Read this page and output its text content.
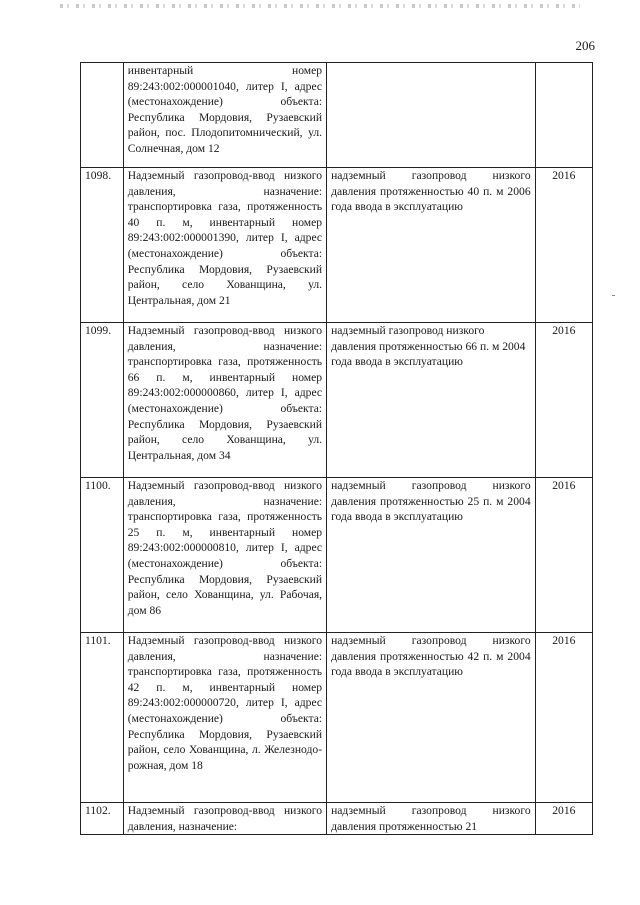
206
	инвентарный номер 89:243:002:000001040, литер I, адрес (местонахождение) объекта: Республика Мордовия, Рузаевский район, пос. Плодопитомнический, ул. Солнечная, дом 12		
1098.	Надземный газопровод-ввод низкого давления, назначение: транспортировка газа, протяженность 40 п. м, инвентарный номер 89:243:002:000001390, литер I, адрес (местонахождение) объекта: Республика Мордовия, Рузаевский район, село Хованщина, ул. Центральная, дом 21	надземный газопровод низкого давления протяженностью 40 п. м 2006 года ввода в эксплуатацию	2016
1099.	Надземный газопровод-ввод низкого давления, назначение: транспортировка газа, протяженность 66 п. м, инвентарный номер 89:243:002:000000860, литер I, адрес (местонахождение) объекта: Республика Мордовия, Рузаевский район, село Хованщина, ул. Центральная, дом 34	надземный газопровод низкого давления протяженностью 66 п. м 2004 года ввода в эксплуатацию	2016
1100.	Надземный газопровод-ввод низкого давления, назначение: транспортировка газа, протяженность 25 п. м, инвентарный номер 89:243:002:000000810, литер I, адрес (местонахождение) объекта: Республика Мордовия, Рузаевский район, село Хованщина, ул. Рабочая, дом 86	надземный газопровод низкого давления протяженностью 25 п. м 2004 года ввода в эксплуатацию	2016
1101.	Надземный газопровод-ввод низкого давления, назначение: транспортировка газа, протяженность 42 п. м, инвентарный номер 89:243:002:000000720, литер I, адрес (местонахождение) объекта: Республика Мордовия, Рузаевский район, село Хованщина, л. Железнодо-рожная, дом 18	надземный газопровод низкого давления протяженностью 42 п. м 2004 года ввода в эксплуатацию	2016
1102.	Надземный газопровод-ввод низкого давления, назначение:	надземный газопровод низкого давления протяженностью 21	2016
